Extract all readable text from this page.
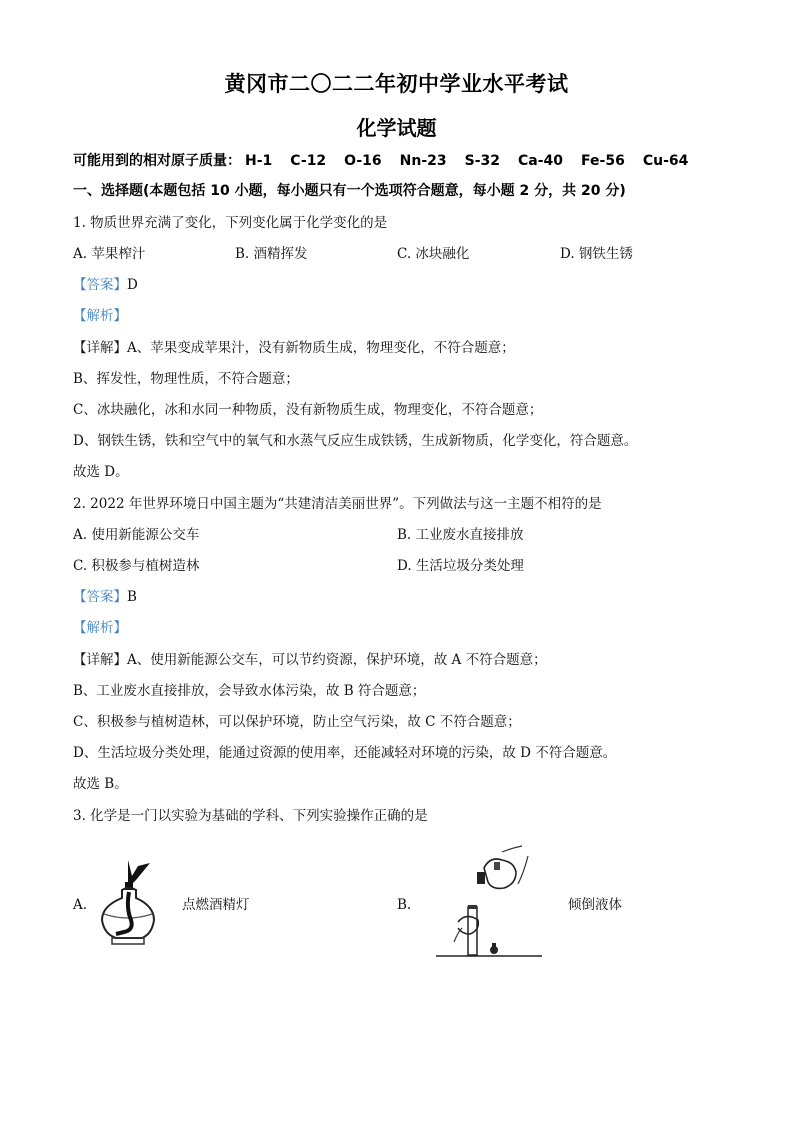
黄冈市二〇二二年初中学业水平考试
化学试题
可能用到的相对原子质量： H-1 C-12 O-16 Nn-23 S-32 Ca-40 Fe-56 Cu-64
一、选择题(本题包括 10 小题，每小题只有一个选项符合题意，每小题 2 分，共 20 分)
1. 物质世界充满了变化，下列变化属于化学变化的是
A. 苹果榨汁	B. 酒精挥发	C. 冰块融化	D. 钢铁生锈
【答案】D
【解析】
【详解】A、苹果变成苹果汁，没有新物质生成，物理变化，不符合题意；
B、挥发性，物理性质，不符合题意；
C、冰块融化，冰和水同一种物质，没有新物质生成，物理变化，不符合题意；
D、钢铁生锈，铁和空气中的氧气和水蒸气反应生成铁锈，生成新物质，化学变化，符合题意。
故选 D。
2. 2022 年世界环境日中国主题为“共建清洁美丽世界”。下列做法与这一主题不相符的是
A. 使用新能源公交车	B. 工业废水直接排放
C. 积极参与植树造林	D. 生活垃圾分类处理
【答案】B
【解析】
【详解】A、使用新能源公交车，可以节约资源，保护环境，故 A 不符合题意；
B、工业废水直接排放，会导致水体污染，故 B 符合题意；
C、积极参与植树造林，可以保护环境，防止空气污染，故 C 不符合题意；
D、生活垃圾分类处理，能通过资源的使用率，还能减轻对环境的污染，故 D 不符合题意。
故选 B。
3. 化学是一门以实验为基础的学科、下列实验操作正确的是
A.	点燃酒精灯	B.	倾倒液体
